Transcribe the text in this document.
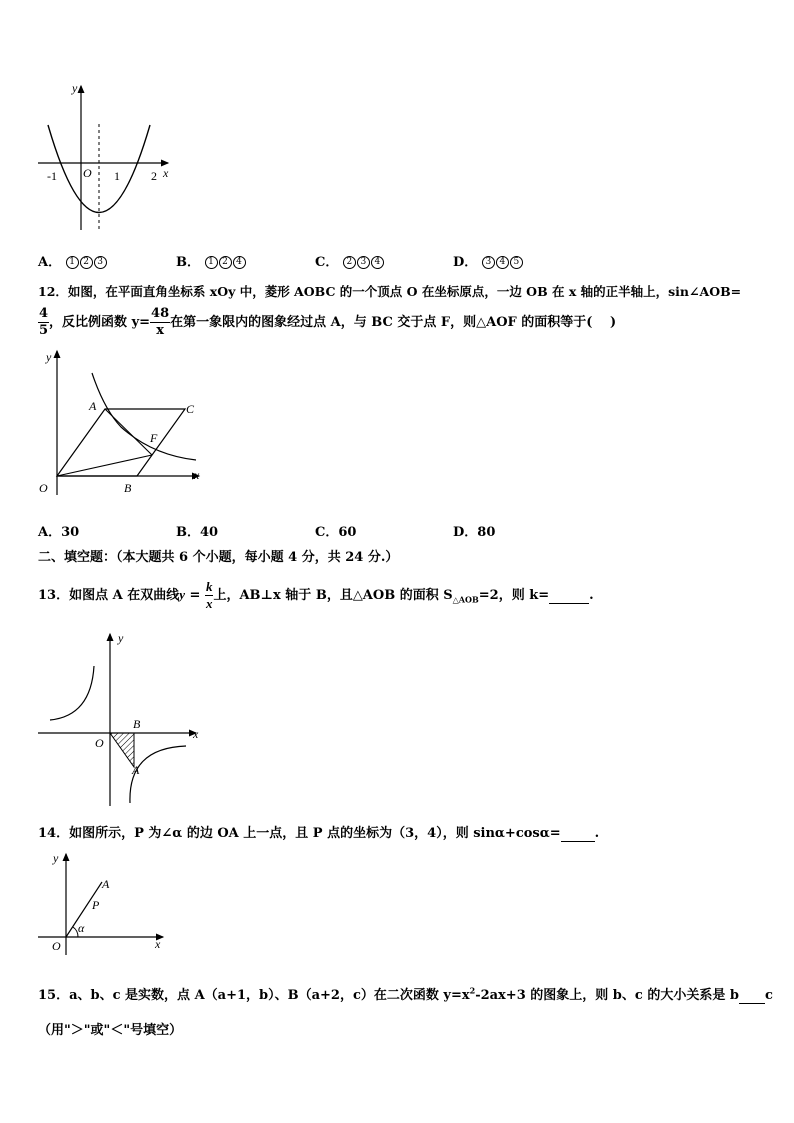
y
x
O
-1	1	2
A． 1 2 3	B． 1 2 4	C． 2 3 4	D． 3 4 5
12．如图，在平面直角坐标系 xOy 中，菱形 AOBC 的一个顶点 O 在坐标原点，一边 OB 在 x 轴的正半轴上，sin∠AOB=
$\frac{4}{5}$ ，反比例函数 $y= \frac{48}{x}$ 在第一象限内的图象经过点 A，与 BC 交于点 F，则△AOF 的面积等于(　 )
y
x
O
A
B
C
F
A．30	B．40	C．60	D．80
二、填空题：（本大题共 6 个小题，每小题 4 分，共 24 分.）
13．如图点 A 在双曲线$y = \frac{k}{x}$ 上，AB⊥x 轴于 B，且△AOB 的面积 $S_{\triangle AOB}=2$，则 k=	.
y
x
O
B
A
14．如图所示，P 为∠α 的边 OA 上一点，且 P 点的坐标为（3，4），则 sinα+cosα=	.
y
x
O
A
P
α
15．a、b、c 是实数，点 A（a+1，b）、B（a+2，c）在二次函数 $y=x^2-2ax+3$ 的图象上，则 b、c 的大小关系是 b c
（用"＞"或"＜"号填空）
